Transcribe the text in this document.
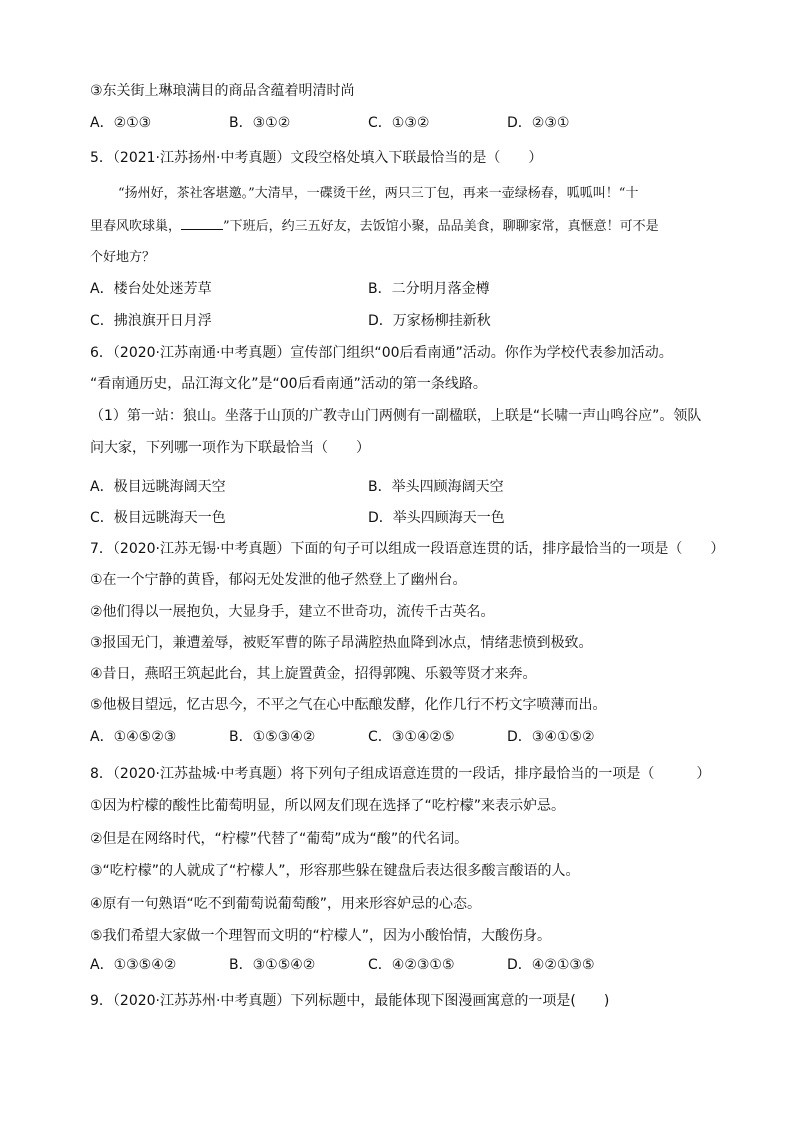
③东关街上琳琅满目的商品含蕴着明清时尚
A．②①③	B．③①②	C．①③②	D．②③①
5．（2021·江苏扬州·中考真题）文段空格处填入下联最恰当的是（　　）
“扬州好，茶社客堪邀。”大清早，一碟烫干丝，两只三丁包，再来一壶绿杨春，呱呱叫！“十
里春风吹球巢，	”下班后，约三五好友，去饭馆小聚，品品美食，聊聊家常，真惬意！可不是
个好地方？
A．楼台处处迷芳草	B．二分明月落金樽
C．拂浪旗开日月浮	D．万家杨柳挂新秋
6．（2020·江苏南通·中考真题）宣传部门组织“00后看南通”活动。你作为学校代表参加活动。
“看南通历史，品江海文化”是“00后看南通”活动的第一条线路。
（1）第一站：狼山。坐落于山顶的广教寺山门两侧有一副楹联，上联是“长啸一声山鸣谷应”。领队
问大家，下列哪一项作为下联最恰当（　　）
A．极目远眺海阔天空	B．举头四顾海阔天空
C．极目远眺海天一色	D．举头四顾海天一色
7．（2020·江苏无锡·中考真题）下面的句子可以组成一段语意连贯的话，排序最恰当的一项是（　　）
①在一个宁静的黄昏，郁闷无处发泄的他孑然登上了幽州台。
②他们得以一展抱负，大显身手，建立不世奇功，流传千古英名。
③报国无门，兼遭羞辱，被贬军曹的陈子昂满腔热血降到冰点，情绪悲愤到极致。
④昔日，燕昭王筑起此台，其上旋置黄金，招得郭隗、乐毅等贤才来奔。
⑤他极目望远，忆古思今，不平之气在心中酝酿发酵，化作几行不朽文字喷薄而出。
A．①④⑤②③	B．①⑤③④②	C．③①④②⑤	D．③④①⑤②
8．（2020·江苏盐城·中考真题）将下列句子组成语意连贯的一段话，排序最恰当的一项是（　　　）
①因为柠檬的酸性比葡萄明显，所以网友们现在选择了“吃柠檬”来表示妒忌。
②但是在网络时代，“柠檬”代替了“葡萄”成为“酸”的代名词。
③“吃柠檬”的人就成了“柠檬人”，形容那些躲在键盘后表达很多酸言酸语的人。
④原有一句熟语“吃不到葡萄说葡萄酸”，用来形容妒忌的心态。
⑤我们希望大家做一个理智而文明的“柠檬人”，因为小酸怡情，大酸伤身。
A．①③⑤④②	B．③①⑤④②	C．④②③①⑤	D．④②①③⑤
9．（2020·江苏苏州·中考真题）下列标题中，最能体现下图漫画寓意的一项是(　　)
